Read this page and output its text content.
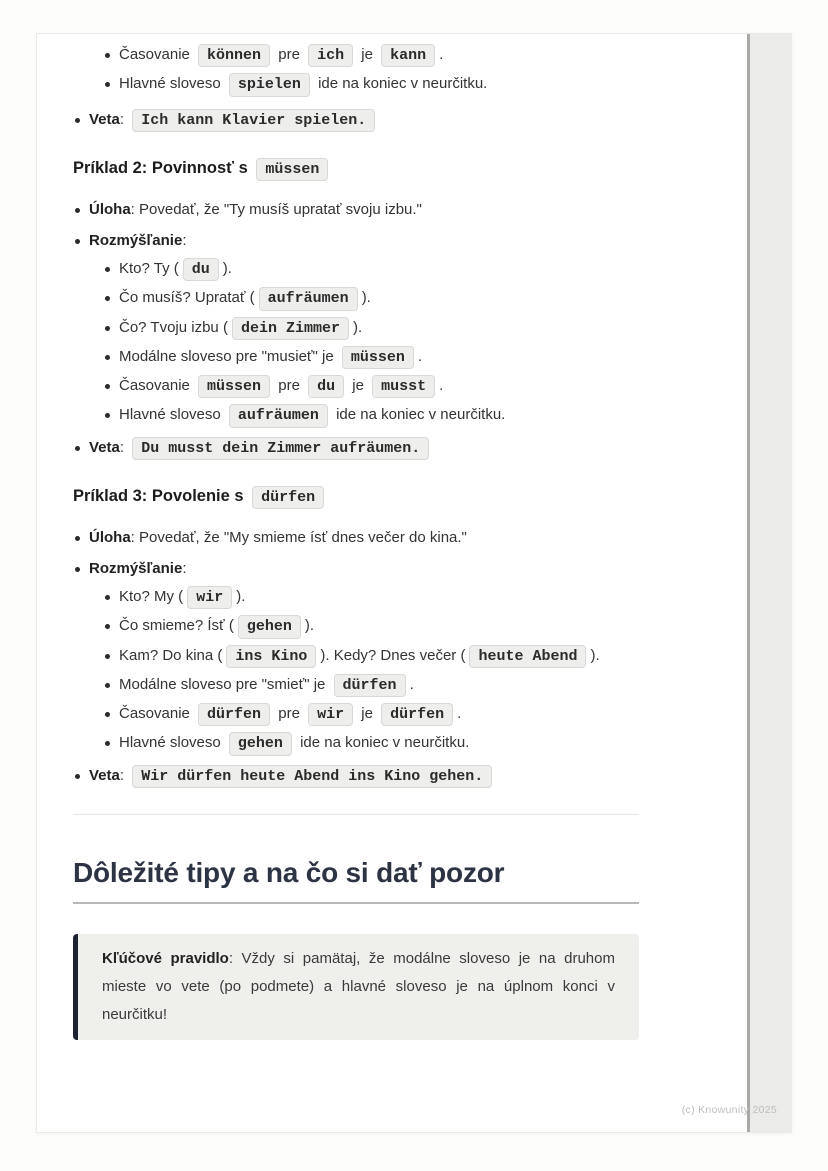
Časovanie können pre ich je kann .
Hlavné sloveso spielen ide na koniec v neurčitku.
Veta: Ich kann Klavier spielen.
Príklad 2: Povinnosť s müssen
Úloha: Povedať, že "Ty musíš upratať svoju izbu."
Rozmýšľanie:
Kto? Ty ( du ).
Čo musíš? Upratať ( aufräumen ).
Čo? Tvoju izbu ( dein Zimmer ).
Modálne sloveso pre "musieť" je müssen .
Časovanie müssen pre du je musst .
Hlavné sloveso aufräumen ide na koniec v neurčitku.
Veta: Du musst dein Zimmer aufräumen.
Príklad 3: Povolenie s dürfen
Úloha: Povedať, že "My smieme ísť dnes večer do kina."
Rozmýšľanie:
Kto? My ( wir ).
Čo smieme? Ísť ( gehen ).
Kam? Do kina ( ins Kino ). Kedy? Dnes večer ( heute Abend ).
Modálne sloveso pre "smieť" je dürfen .
Časovanie dürfen pre wir je dürfen .
Hlavné sloveso gehen ide na koniec v neurčitku.
Veta: Wir dürfen heute Abend ins Kino gehen.
Dôležité tipy a na čo si dať pozor

Kľúčové pravidlo: Vždy si pamätaj, že modálne sloveso je na druhom mieste vo vete (po podmete) a hlavné sloveso je na úplnom konci v neurčitku!

(c) Knowunity 2025
